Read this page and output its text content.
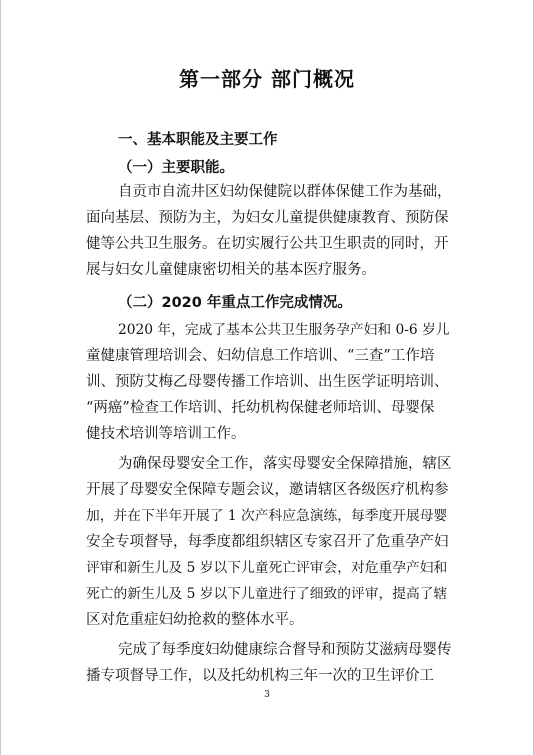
第一部分 部门概况
一、基本职能及主要工作
（一）主要职能。
自贡市自流井区妇幼保健院以群体保健工作为基础，
面向基层、预防为主，为妇女儿童提供健康教育、预防保
健等公共卫生服务。在切实履行公共卫生职责的同时，开
展与妇女儿童健康密切相关的基本医疗服务。
（二）2020 年重点工作完成情况。
2020 年，完成了基本公共卫生服务孕产妇和 0-6 岁儿
童健康管理培训会、妇幼信息工作培训、“三查”工作培
训、预防艾梅乙母婴传播工作培训、出生医学证明培训、
“两癌”检查工作培训、托幼机构保健老师培训、母婴保
健技术培训等培训工作。
为确保母婴安全工作，落实母婴安全保障措施，辖区
开展了母婴安全保障专题会议，邀请辖区各级医疗机构参
加，并在下半年开展了 1 次产科应急演练，每季度开展母婴
安全专项督导，每季度都组织辖区专家召开了危重孕产妇
评审和新生儿及 5 岁以下儿童死亡评审会，对危重孕产妇和
死亡的新生儿及 5 岁以下儿童进行了细致的评审，提高了辖
区对危重症妇幼抢救的整体水平。
完成了每季度妇幼健康综合督导和预防艾滋病母婴传
播专项督导工作，以及托幼机构三年一次的卫生评价工
3
